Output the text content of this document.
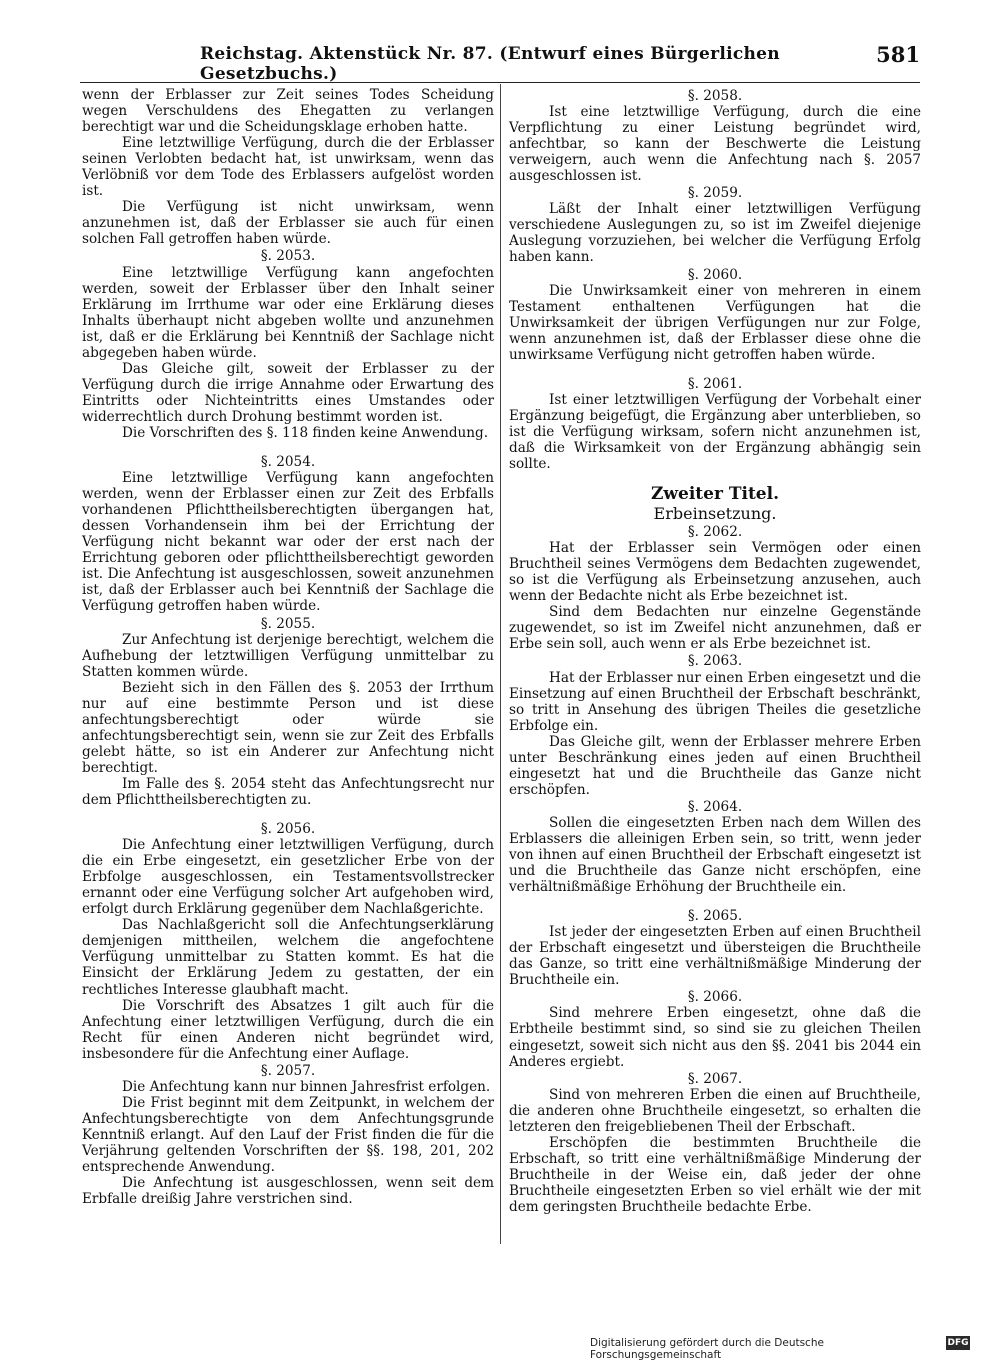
Reichstag. Aktenstück Nr. 87. (Entwurf eines Bürgerlichen Gesetzbuchs.)
581

wenn der Erblasser zur Zeit seines Todes Scheidung wegen Verschuldens des Ehegatten zu verlangen berechtigt war und die Scheidungsklage erhoben hatte.

Eine letztwillige Verfügung, durch die der Erblasser seinen Verlobten bedacht hat, ist unwirksam, wenn das Verlöbniß vor dem Tode des Erblassers aufgelöst worden ist.

Die Verfügung ist nicht unwirksam, wenn anzunehmen ist, daß der Erblasser sie auch für einen solchen Fall getroffen haben würde.

§. 2053.

Eine letztwillige Verfügung kann angefochten werden, soweit der Erblasser über den Inhalt seiner Erklärung im Irrthume war oder eine Erklärung dieses Inhalts überhaupt nicht abgeben wollte und anzunehmen ist, daß er die Erklärung bei Kenntniß der Sachlage nicht abgegeben haben würde.

Das Gleiche gilt, soweit der Erblasser zu der Verfügung durch die irrige Annahme oder Erwartung des Eintritts oder Nichteintritts eines Umstandes oder widerrechtlich durch Drohung bestimmt worden ist.

Die Vorschriften des §. 118 finden keine Anwendung.

§. 2054.

Eine letztwillige Verfügung kann angefochten werden, wenn der Erblasser einen zur Zeit des Erbfalls vorhandenen Pflichttheilsberechtigten übergangen hat, dessen Vorhandensein ihm bei der Errichtung der Verfügung nicht bekannt war oder der erst nach der Errichtung geboren oder pflichttheilsberechtigt geworden ist. Die Anfechtung ist ausgeschlossen, soweit anzunehmen ist, daß der Erblasser auch bei Kenntniß der Sachlage die Verfügung getroffen haben würde.

§. 2055.

Zur Anfechtung ist derjenige berechtigt, welchem die Aufhebung der letztwilligen Verfügung unmittelbar zu Statten kommen würde.

Bezieht sich in den Fällen des §. 2053 der Irrthum nur auf eine bestimmte Person und ist diese anfechtungsberechtigt oder würde sie anfechtungsberechtigt sein, wenn sie zur Zeit des Erbfalls gelebt hätte, so ist ein Anderer zur Anfechtung nicht berechtigt.

Im Falle des §. 2054 steht das Anfechtungsrecht nur dem Pflichttheilsberechtigten zu.

§. 2056.

Die Anfechtung einer letztwilligen Verfügung, durch die ein Erbe eingesetzt, ein gesetzlicher Erbe von der Erbfolge ausgeschlossen, ein Testamentsvollstrecker ernannt oder eine Verfügung solcher Art aufgehoben wird, erfolgt durch Erklärung gegenüber dem Nachlaßgerichte.

Das Nachlaßgericht soll die Anfechtungserklärung demjenigen mittheilen, welchem die angefochtene Verfügung unmittelbar zu Statten kommt. Es hat die Einsicht der Erklärung Jedem zu gestatten, der ein rechtliches Interesse glaubhaft macht.

Die Vorschrift des Absatzes 1 gilt auch für die Anfechtung einer letztwilligen Verfügung, durch die ein Recht für einen Anderen nicht begründet wird, insbesondere für die Anfechtung einer Auflage.

§. 2057.

Die Anfechtung kann nur binnen Jahresfrist erfolgen.

Die Frist beginnt mit dem Zeitpunkt, in welchem der Anfechtungsberechtigte von dem Anfechtungsgrunde Kenntniß erlangt. Auf den Lauf der Frist finden die für die Verjährung geltenden Vorschriften der §§. 198, 201, 202 entsprechende Anwendung.

Die Anfechtung ist ausgeschlossen, wenn seit dem Erbfalle dreißig Jahre verstrichen sind.

§. 2058.

Ist eine letztwillige Verfügung, durch die eine Verpflichtung zu einer Leistung begründet wird, anfechtbar, so kann der Beschwerte die Leistung verweigern, auch wenn die Anfechtung nach §. 2057 ausgeschlossen ist.

§. 2059.

Läßt der Inhalt einer letztwilligen Verfügung verschiedene Auslegungen zu, so ist im Zweifel diejenige Auslegung vorzuziehen, bei welcher die Verfügung Erfolg haben kann.

§. 2060.

Die Unwirksamkeit einer von mehreren in einem Testament enthaltenen Verfügungen hat die Unwirksamkeit der übrigen Verfügungen nur zur Folge, wenn anzunehmen ist, daß der Erblasser diese ohne die unwirksame Verfügung nicht getroffen haben würde.

§. 2061.

Ist einer letztwilligen Verfügung der Vorbehalt einer Ergänzung beigefügt, die Ergänzung aber unterblieben, so ist die Verfügung wirksam, sofern nicht anzunehmen ist, daß die Wirksamkeit von der Ergänzung abhängig sein sollte.

Zweiter Titel.
Erbeinsetzung.
§. 2062.

Hat der Erblasser sein Vermögen oder einen Bruchtheil seines Vermögens dem Bedachten zugewendet, so ist die Verfügung als Erbeinsetzung anzusehen, auch wenn der Bedachte nicht als Erbe bezeichnet ist.

Sind dem Bedachten nur einzelne Gegenstände zugewendet, so ist im Zweifel nicht anzunehmen, daß er Erbe sein soll, auch wenn er als Erbe bezeichnet ist.

§. 2063.

Hat der Erblasser nur einen Erben eingesetzt und die Einsetzung auf einen Bruchtheil der Erbschaft beschränkt, so tritt in Ansehung des übrigen Theiles die gesetzliche Erbfolge ein.

Das Gleiche gilt, wenn der Erblasser mehrere Erben unter Beschränkung eines jeden auf einen Bruchtheil eingesetzt hat und die Bruchtheile das Ganze nicht erschöpfen.

§. 2064.

Sollen die eingesetzten Erben nach dem Willen des Erblassers die alleinigen Erben sein, so tritt, wenn jeder von ihnen auf einen Bruchtheil der Erbschaft eingesetzt ist und die Bruchtheile das Ganze nicht erschöpfen, eine verhältnißmäßige Erhöhung der Bruchtheile ein.

§. 2065.

Ist jeder der eingesetzten Erben auf einen Bruchtheil der Erbschaft eingesetzt und übersteigen die Bruchtheile das Ganze, so tritt eine verhältnißmäßige Minderung der Bruchtheile ein.

§. 2066.

Sind mehrere Erben eingesetzt, ohne daß die Erbtheile bestimmt sind, so sind sie zu gleichen Theilen eingesetzt, soweit sich nicht aus den §§. 2041 bis 2044 ein Anderes ergiebt.

§. 2067.

Sind von mehreren Erben die einen auf Bruchtheile, die anderen ohne Bruchtheile eingesetzt, so erhalten die letzteren den freigebliebenen Theil der Erbschaft.

Erschöpfen die bestimmten Bruchtheile die Erbschaft, so tritt eine verhältnißmäßige Minderung der Bruchtheile in der Weise ein, daß jeder der ohne Bruchtheile eingesetzten Erben so viel erhält wie der mit dem geringsten Bruchtheile bedachte Erbe.

Digitalisierung gefördert durch die Deutsche Forschungsgemeinschaft
DFG
